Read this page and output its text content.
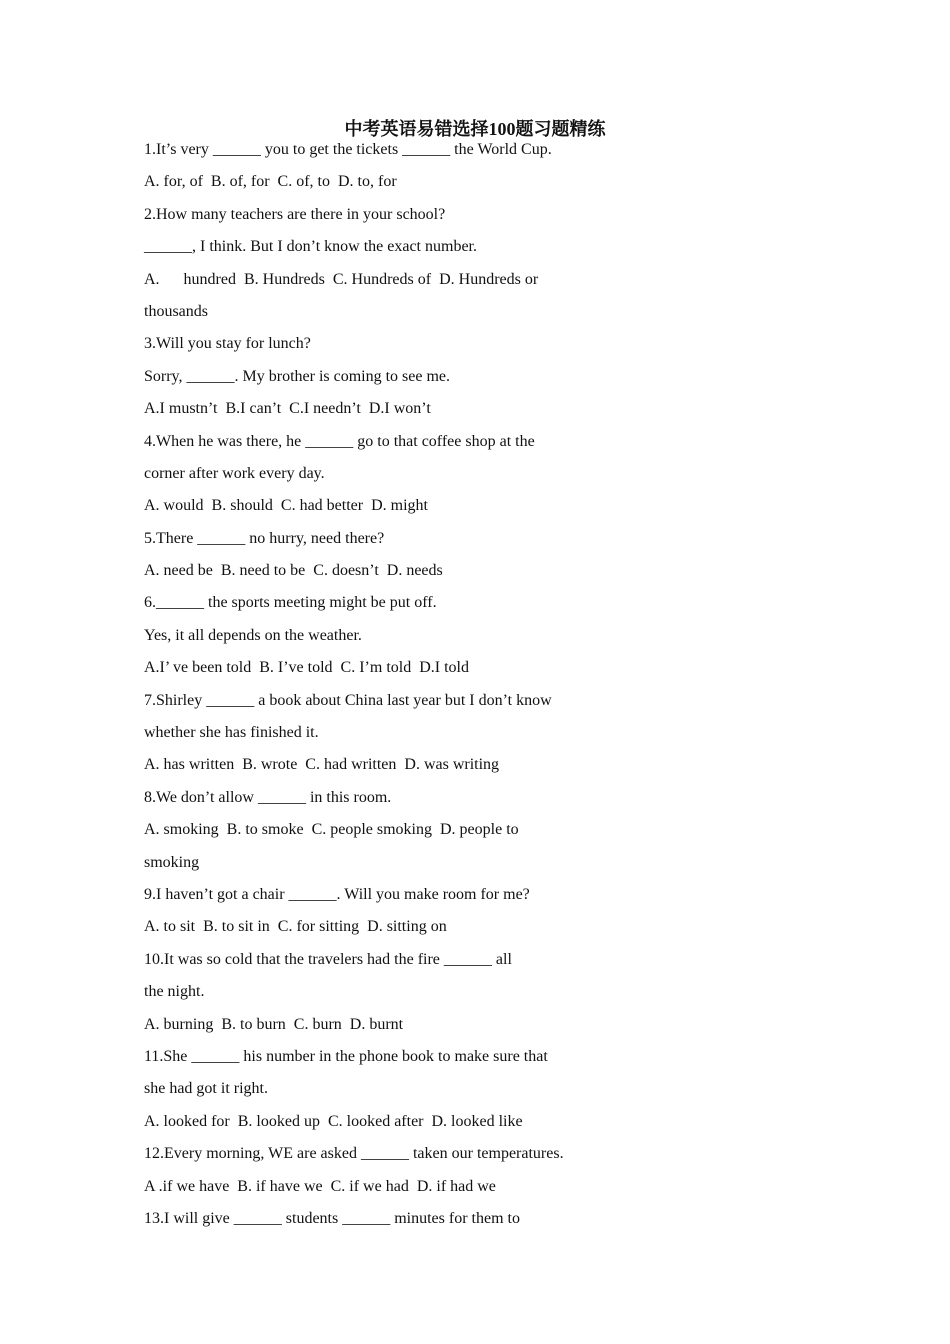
中考英语易错选择100题习题精练
1.It’s very ______ you to get the tickets ______ the World Cup.
A. for, of  B. of, for  C. of, to  D. to, for
2.How many teachers are there in your school?
______, I think. But I don’t know the exact number.
A.      hundred  B. Hundreds  C. Hundreds of  D. Hundreds or
thousands
3.Will you stay for lunch?
Sorry, ______. My brother is coming to see me.
A.I mustn’t  B.I can’t  C.I needn’t  D.I won’t
4.When he was there, he ______ go to that coffee shop at the
corner after work every day.
A. would  B. should  C. had better  D. might
5.There ______ no hurry, need there?
A. need be  B. need to be  C. doesn’t  D. needs
6.______ the sports meeting might be put off.
Yes, it all depends on the weather.
A.I’ ve been told  B. I’ve told  C. I’m told  D.I told
7.Shirley ______ a book about China last year but I don’t know
whether she has finished it.
A. has written  B. wrote  C. had written  D. was writing
8.We don’t allow ______ in this room.
A. smoking  B. to smoke  C. people smoking  D. people to
smoking
9.I haven’t got a chair ______. Will you make room for me?
A. to sit  B. to sit in  C. for sitting  D. sitting on
10.It was so cold that the travelers had the fire ______ all
the night.
A. burning  B. to burn  C. burn  D. burnt
11.She ______ his number in the phone book to make sure that
she had got it right.
A. looked for  B. looked up  C. looked after  D. looked like
12.Every morning, WE are asked ______ taken our temperatures.
A .if we have  B. if have we  C. if we had  D. if had we
13.I will give ______ students ______ minutes for them to
